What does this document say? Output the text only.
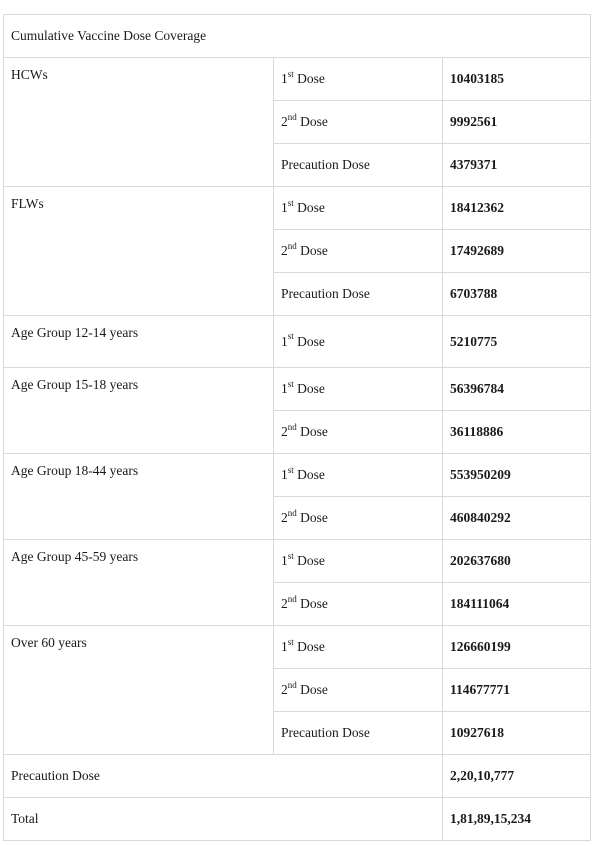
Cumulative Vaccine Dose Coverage		
HCWs	1st Dose	10403185
	2nd Dose	9992561
	Precaution Dose	4379371
FLWs	1st Dose	18412362
	2nd Dose	17492689
	Precaution Dose	6703788
Age Group 12-14 years	1st Dose	5210775
Age Group 15-18 years	1st Dose	56396784
	2nd Dose	36118886
Age Group 18-44 years	1st Dose	553950209
	2nd Dose	460840292
Age Group 45-59 years	1st Dose	202637680
	2nd Dose	184111064
Over 60 years	1st Dose	126660199
	2nd Dose	114677771
	Precaution Dose	10927618
Precaution Dose		2,20,10,777
Total		1,81,89,15,234
